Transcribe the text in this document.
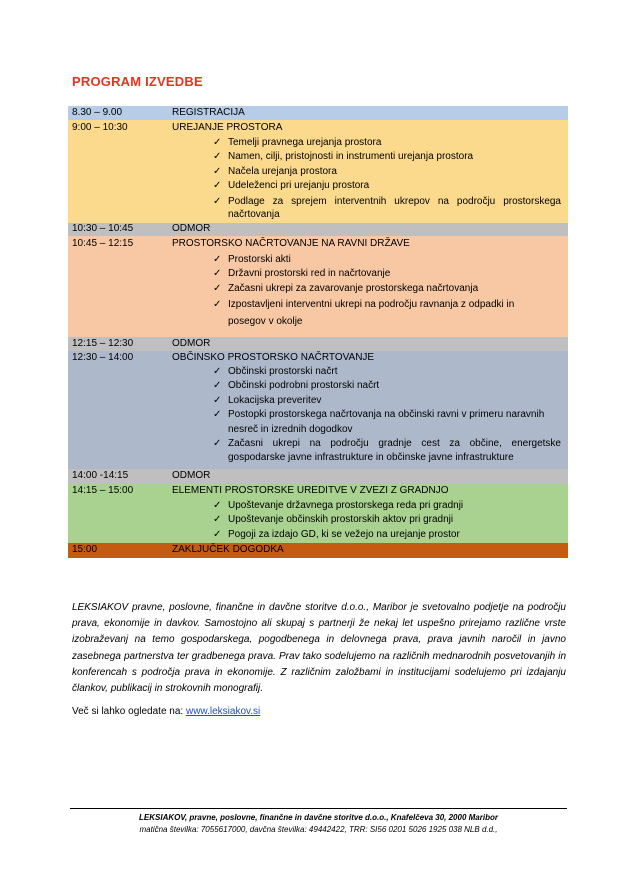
PROGRAM IZVEDBE
8.30 – 9.00	REGISTRACIJA
9:00 – 10:30	UREJANJE PROSTORA
✓ Temelji pravnega urejanja prostora
✓ Namen, cilji, pristojnosti in instrumenti urejanja prostora
✓ Načela urejanja prostora
✓ Udeleženci pri urejanju prostora
✓ Podlage za sprejem interventnih ukrepov na področju prostorskega načrtovanja
10:30 – 10:45	ODMOR
10:45 – 12:15	PROSTORSKO NAČRTOVANJE NA RAVNI DRŽAVE
✓ Prostorski akti
✓ Državni prostorski red in načrtovanje
✓ Začasni ukrepi za zavarovanje prostorskega načrtovanja
✓ Izpostavljeni interventni ukrepi na področju ravnanja z odpadki in posegov v okolje
12:15 – 12:30	ODMOR
12:30 – 14:00	OBČINSKO PROSTORSKO NAČRTOVANJE
✓ Občinski prostorski načrt
✓ Občinski podrobni prostorski načrt
✓ Lokacijska preveritev
✓ Postopki prostorskega načrtovanja na občinski ravni v primeru naravnih nesreč in izrednih dogodkov
✓ Začasni ukrepi na področju gradnje cest za občine, energetske gospodarske javne infrastrukture in občinske javne infrastrukture
14:00 -14:15	ODMOR
14:15 – 15:00	ELEMENTI PROSTORSKE UREDITVE V ZVEZI Z GRADNJO
✓ Upoštevanje državnega prostorskega reda pri gradnji
✓ Upoštevanje občinskih prostorskih aktov pri gradnji
✓ Pogoji za izdajo GD, ki se vežejo na urejanje prostor
15:00	ZAKLJUČEK DOGODKA

LEKSIAKOV pravne, poslovne, finančne in davčne storitve d.o.o., Maribor je svetovalno podjetje na področju prava, ekonomije in davkov. Samostojno ali skupaj s partnerji že nekaj let uspešno prirejamo različne vrste izobraževanj na temo gospodarskega, pogodbenega in delovnega prava, prava javnih naročil in javno zasebnega partnerstva ter gradbenega prava. Prav tako sodelujemo na različnih mednarodnih posvetovanjih in konferencah s področja prava in ekonomije. Z različnim založbami in institucijami sodelujemo pri izdajanju člankov, publikacij in strokovnih monografij.

Več si lahko ogledate na: www.leksiakov.si

LEKSIAKOV, pravne, poslovne, finančne in davčne storitve d.o.o., Knafelčeva 30, 2000 Maribor
matična številka: 7055617000, davčna številka: 49442422, TRR: SI56 0201 5026 1925 038 NLB d.d.,
